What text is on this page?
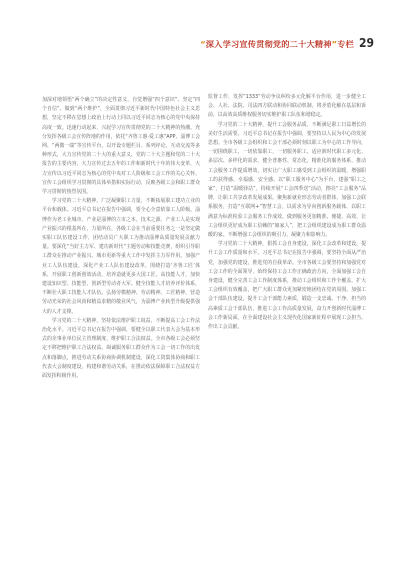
“深入学习宣传贯彻党的二十大精神”专栏 29

加深对地领悟“两个确立”的决定性意义，自觉增强“四个意识”、坚定“四个自信”、做到“两个维护”，全面贯彻习近平新时代中国特色社会主义思想，坚定不移在思想上政治上行动上同以习近平同志为核心的党中央保持高度一致。迅速行动起来，兴起学习宣传贯彻党的二十大精神的热潮。充分发挥各级工会宣传阵地的作用，依托“齐鲁工惠·爱工惠”APP、淄博工会网、“两微一端”等宣传平台，以开设专题栏目、系列评论、互动交流等多种形式，大力宣传党的二十大的重大意义、党的二十大主题和党的二十大报告的主要内容，大力宣传过去五年的工作和新时代十年的伟大变革，大力宣传以习近平同志为核心的党中央对工人阶级和工会工作的关心关怀，宣传工会组织学习贯彻的具体举措和实际行动，反映各级工会和职工群众学习贯彻的热烈氛围。

学习党的二十大精神，广泛凝聚职工力量，不断拓展职工建功立业的平台和载体。习近平总书记在报告中强调，要全心全意依靠工人阶级。淄博作为老工业城市，产业是淄博的立市之本，技术之源，产业工人是实现产业振兴的根基所在，力量所在，各级工会在当前重要任务之一是坚定做实职工队伍建设工作，团结动员广大职工为推动淄博高质量发展贡献力量。要深化“当好主力军、建功新时代”主题劳动和技能竞赛，组织引导职工群众在推动产业振兴、城市更新等重大工作中发挥主力军作用。加强产业工人队伍建设，深化产业工人队伍建设改革，围绕打造‘齐鲁工匠’体系，开展职工创新创效活动，培养造就更多大国工匠、高技能人才，加快建设知识型、技能型、创新型劳动者大军。健全技能人才培养评价体系，不断壮大职工技能人才队伍。弘扬劳模精神、劳动精神、工匠精神，营造劳动光荣的社会风尚和精益求精的敬业风气，为淄博产业转型升级提供强大的人才支撑。

学习党的二十大精神，坚持依法维护职工权益，不断提高工会工作法治化水平。习近平总书记在报告中强调，要健全以职工代表大会为基本形式的企事业单位民主管理制度，维护职工合法权益。全市各级工会必须坚定不移把维护职工合法权益、竭诚服务职工群众作为工会一切工作的出发点和落脚点，推进劳动关系协商协调机制建设，深化工资集体协商和职工代表大会制度建设，构建和谐劳动关系，在推动依法保障职工合法权益方面发挥积极作用。

监督工作，发挥“1333”劳动争议纠纷多元化解平台作用，进一步健全工会、人社、法院、司法四方联动和协同联动机制，将矛盾化解在基层和诉前，以高效高质维权服务切实维护职工队伍和谐稳定。

学习党的二十大精神，提升工会服务品质，不断满足职工日益增长的美好生活需要。习近平总书记在报告中强调，要坚持以人民为中心的发展思想。全市各级工会组织和工会干部必须时刻以职工为中心的工作导向，一切围绕职工，一切依靠职工，一切服务职工，适应新时代职工多元化、多层次、多样化的需求，健全普惠性、常态化、精准化的服务体系，推动工会服务工作提质增效，切实让广大职工感受到工会组织的温暖，增强职工的获得感、幸福感、安全感。以“职工服务中心”为平台，建强“职工之家”，打造“温暖驿站”，持续开展“工会四季送”活动，擦亮“工会服务”品牌，让职工共享改革发展成果。聚焦新就业形态劳动者群体，加强工会联系服务，打造“互联网+”智慧工会，以需求为导向创新服务载体，以职工满意为标准检验工会服务工作成效，做到服务更加精准、便捷、高效，让工会组织更好成为职工信赖的“娘家人”，把工会组织建设成为职工群众温暖的家。不断增强工会组织的吸引力、凝聚力和影响力。

学习党的二十大精神，狠抓工会自身建设，深化工会改革和建设，提升工会工作质量和水平。习近平总书记在报告中强调，要坚持全面从严治党，加强党的建设，推进党的自我革命。全市各级工会要坚持和加强党对工会工作的全面领导，始终保持工会工作正确政治方向，全面加强工会自身建设，健全完善工会工作制度体系，推动工会组织和工作全覆盖，扩大工会组织有效覆盖，把广大职工群众更加紧密地团结在党的周围。加强工会干部队伍建设，提升工会干部能力素质，锻造一支忠诚、干净、担当的高素质工会干部队伍，推进工会工作高质量发展，奋力开创新时代淄博工会工作新局面，在全面建设社会主义现代化国家新征程中展现工会担当、作出工会贡献。
